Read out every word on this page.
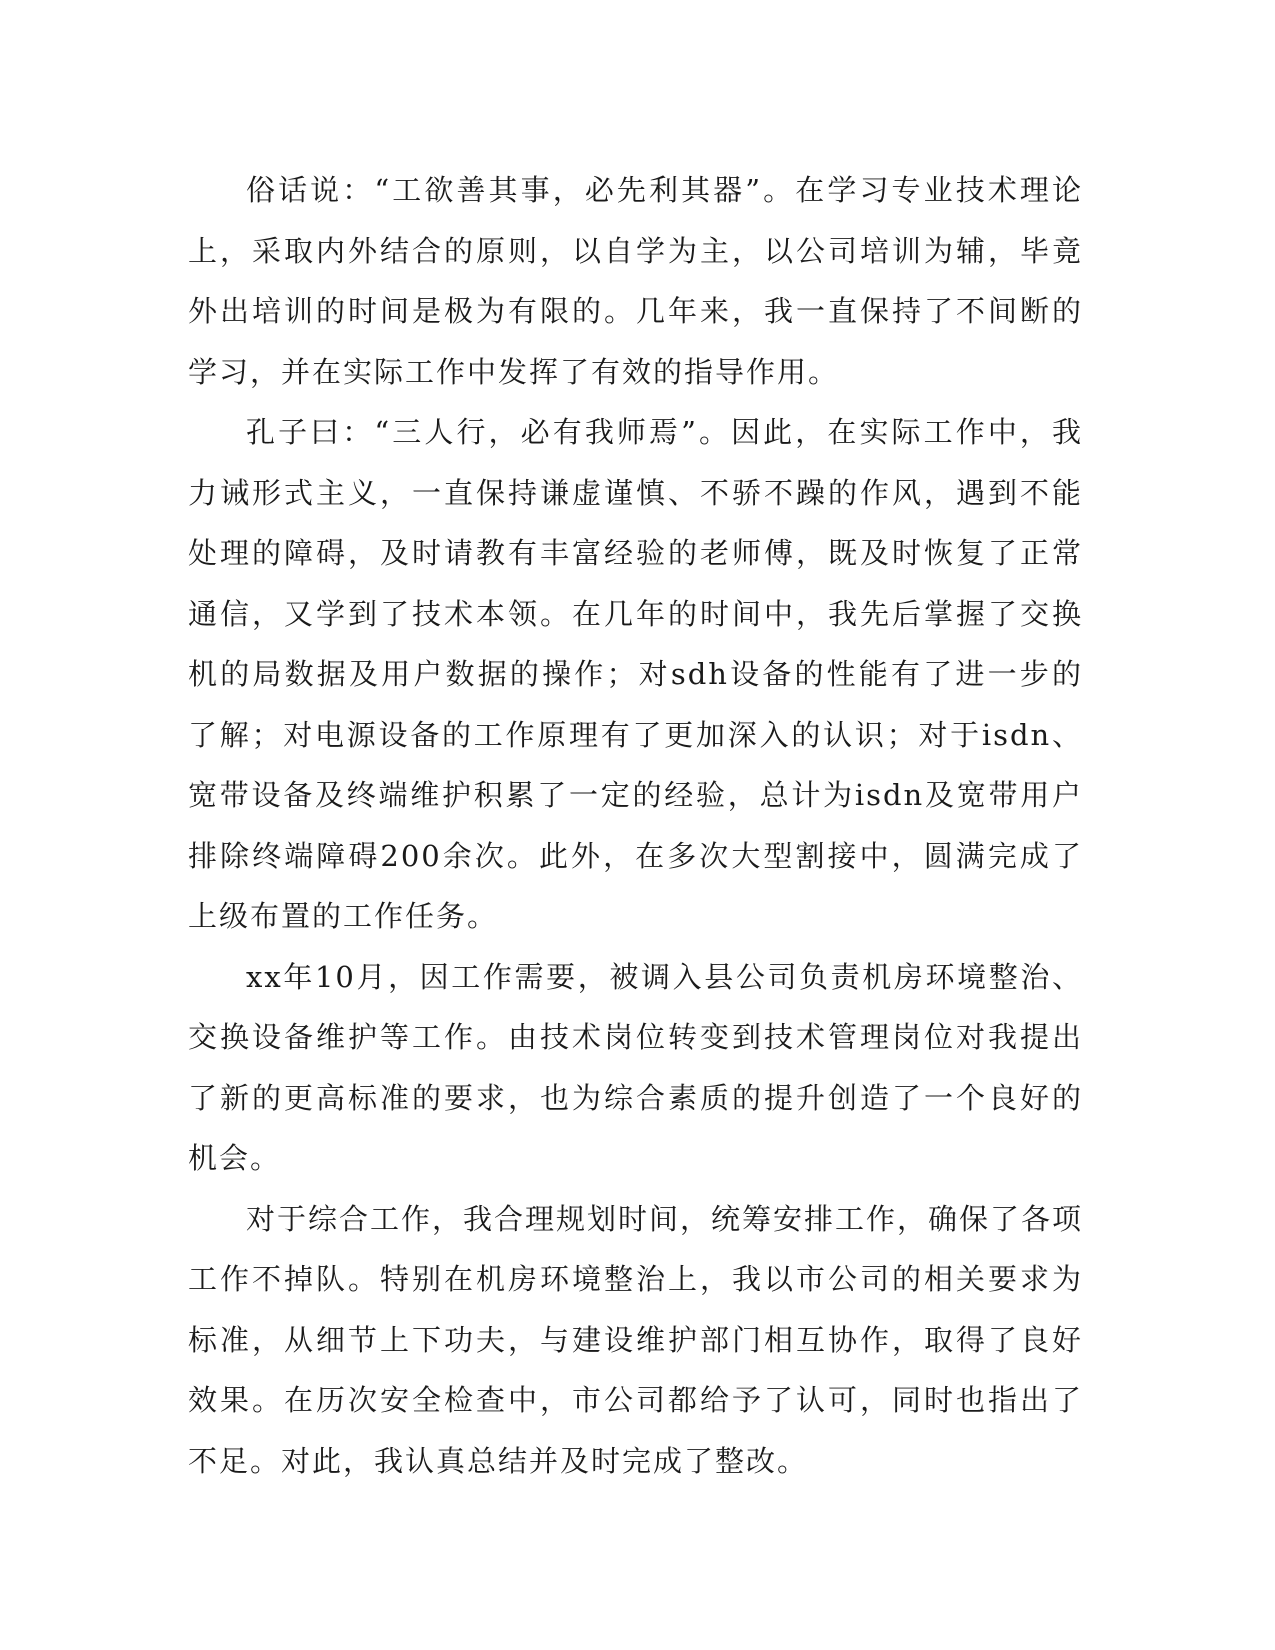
俗话说：“工欲善其事，必先利其器”。在学习专业技术理论上，采取内外结合的原则，以自学为主，以公司培训为辅，毕竟外出培训的时间是极为有限的。几年来，我一直保持了不间断的学习，并在实际工作中发挥了有效的指导作用。

孔子曰：“三人行，必有我师焉”。因此，在实际工作中，我力诫形式主义，一直保持谦虚谨慎、不骄不躁的作风，遇到不能处理的障碍，及时请教有丰富经验的老师傅，既及时恢复了正常通信，又学到了技术本领。在几年的时间中，我先后掌握了交换机的局数据及用户数据的操作；对sdh设备的性能有了进一步的了解；对电源设备的工作原理有了更加深入的认识；对于isdn、宽带设备及终端维护积累了一定的经验，总计为isdn及宽带用户排除终端障碍200余次。此外，在多次大型割接中，圆满完成了上级布置的工作任务。

xx年10月，因工作需要，被调入县公司负责机房环境整治、交换设备维护等工作。由技术岗位转变到技术管理岗位对我提出了新的更高标准的要求，也为综合素质的提升创造了一个良好的机会。

对于综合工作，我合理规划时间，统筹安排工作，确保了各项工作不掉队。特别在机房环境整治上，我以市公司的相关要求为标准，从细节上下功夫，与建设维护部门相互协作，取得了良好效果。在历次安全检查中，市公司都给予了认可，同时也指出了不足。对此，我认真总结并及时完成了整改。
